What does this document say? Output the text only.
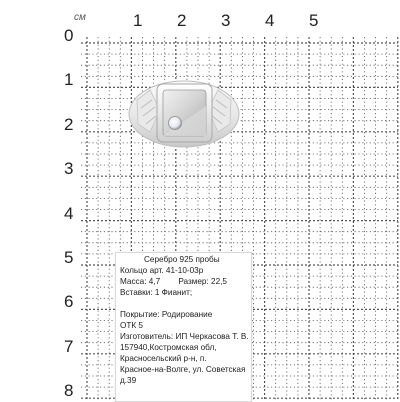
см	1 2 3 4 5
0
1
2
3
4
5
6
7
8
Серебро 925 пробы
Кольцо арт. 41-10-03р
Масса: 4,7        Размер: 22,5
Вставки: 1 Фианит;
Покрытие: Родирование
ОТК 5
Изготовитель: ИП Черкасова Т. В.
157940,Костромская обл,
Красносельский р-н, п.
Красное-на-Волге, ул. Советская
д.39
